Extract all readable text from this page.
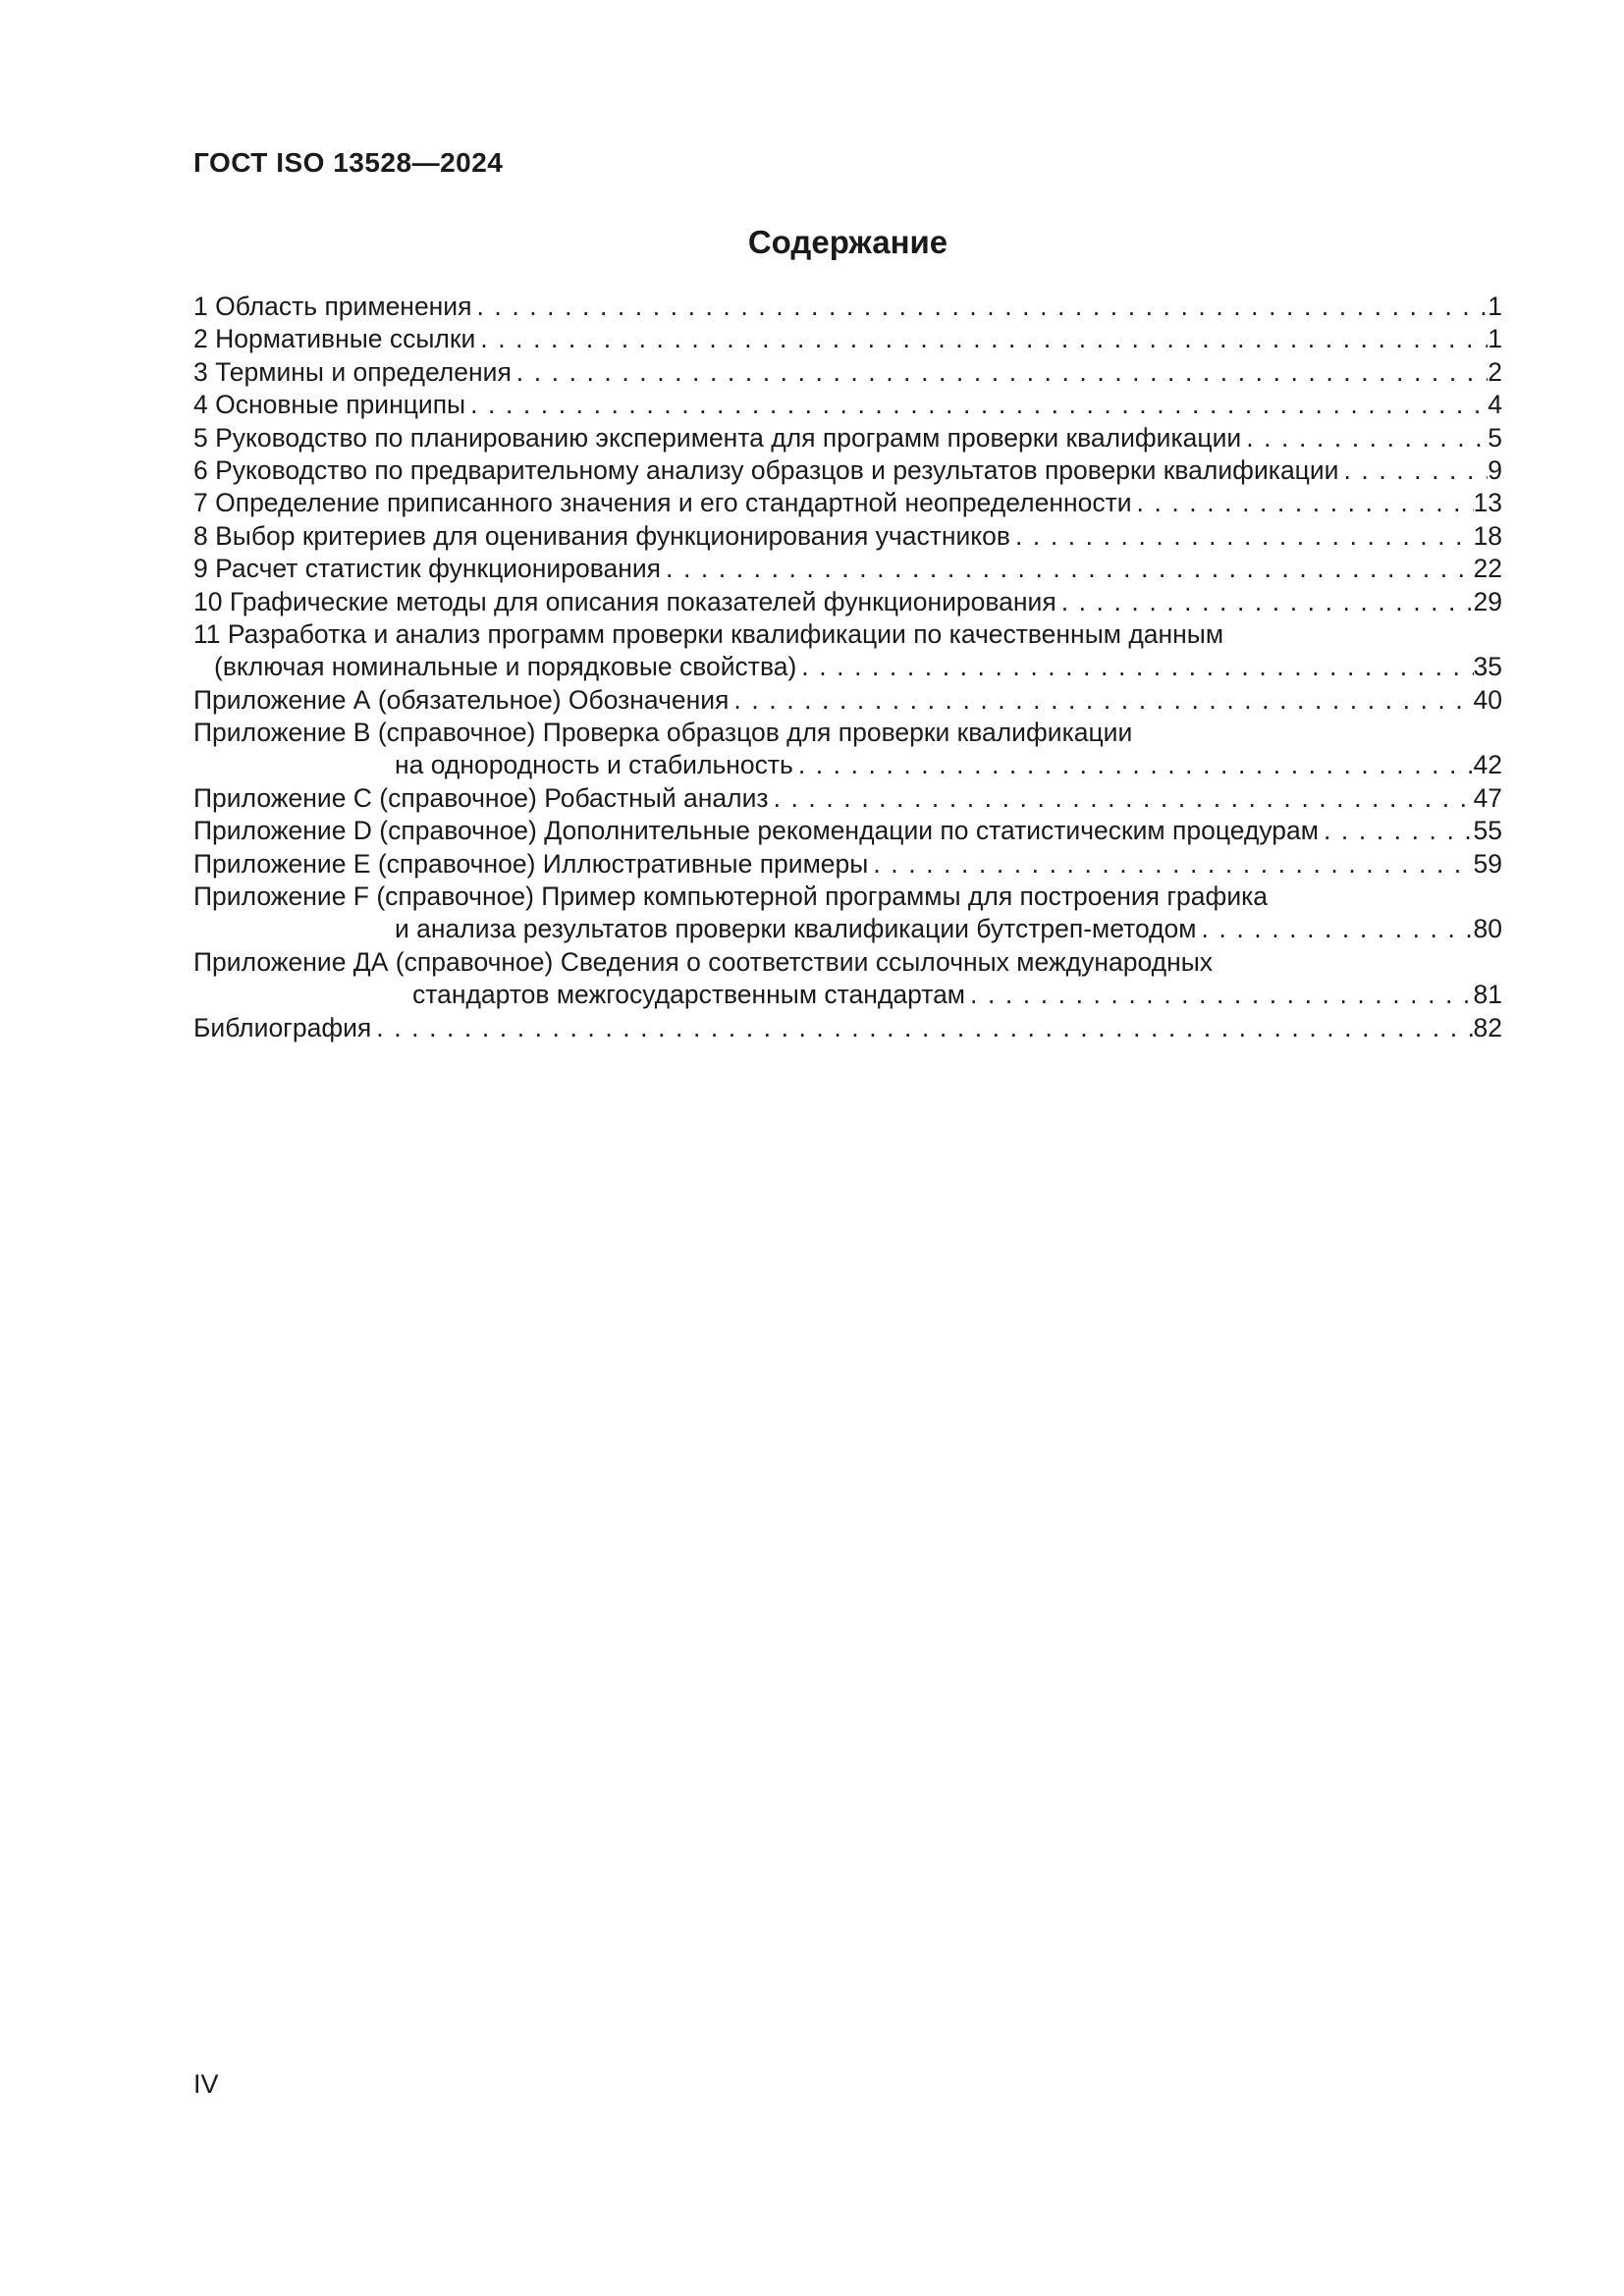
ГОСТ ISO 13528—2024
Содержание
1 Область применения . . .	1
2 Нормативные ссылки . . .	1
3 Термины и определения . . .	2
4 Основные принципы . . .	4
5 Руководство по планированию эксперимента для программ проверки квалификации . . .	5
6 Руководство по предварительному анализу образцов и результатов проверки квалификации . . .	9
7 Определение приписанного значения и его стандартной неопределенности . . .	13
8 Выбор критериев для оценивания функционирования участников . . .	18
9 Расчет статистик функционирования . . .	22
10 Графические методы для описания показателей функционирования . . .	29
11 Разработка и анализ программ проверки квалификации по качественным данным
(включая номинальные и порядковые свойства) . . .	35
Приложение А (обязательное) Обозначения . . .	40
Приложение В (справочное) Проверка образцов для проверки квалификации
на однородность и стабильность . . .	42
Приложение С (справочное) Робастный анализ . . .	47
Приложение D (справочное) Дополнительные рекомендации по статистическим процедурам . . .	55
Приложение Е (справочное) Иллюстративные примеры . . .	59
Приложение F (справочное) Пример компьютерной программы для построения графика
и анализа результатов проверки квалификации бутстреп-методом . . .	80
Приложение ДА (справочное) Сведения о соответствии ссылочных международных
стандартов межгосударственным стандартам . . .	81
Библиография . . .	82
IV
